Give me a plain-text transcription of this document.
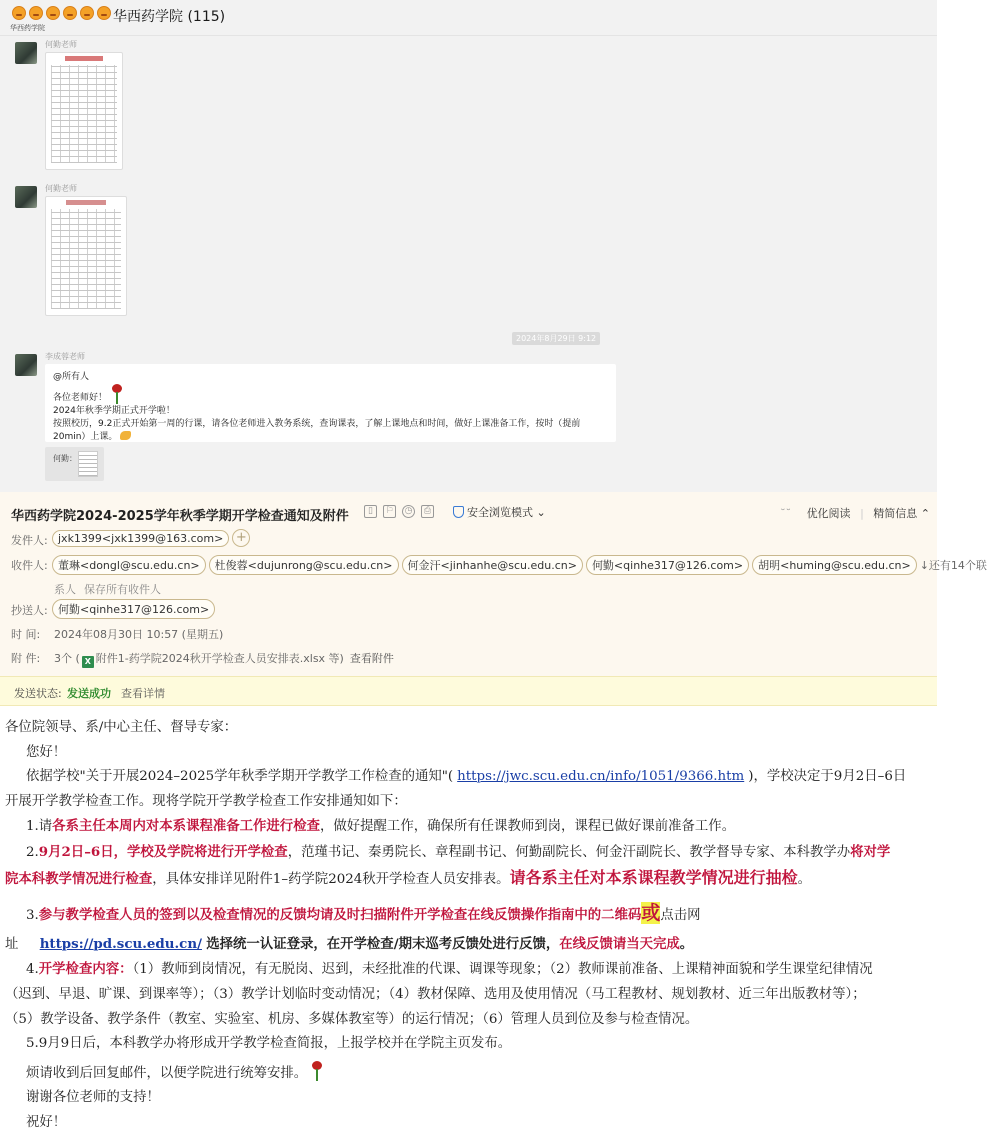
华西药学院 (115)
华西药学院
何勤老师
何勤老师
2024年8月29日 9:12
李成蓉老师

@所有人

各位老师好！

2024年秋季学期正式开学啦！

按照校历，9.2正式开始第一周的行课，请各位老师进入教务系统，查询课表，了解上课地点和时间，做好上课准备工作，按时（提前20min）上课。

何勤：
华西药学院2024-2025学年秋季学期开学检查通知及附件	▯	⚐ ◷	⎙	安全浏览模式 ⌄	˘˘ 优化阅读 | 精简信息 ⌃
发件人: jxk1399<jxk1399@163.com> +
收件人: 董琳<dongl@scu.edu.cn> 杜俊蓉<dujunrong@scu.edu.cn> 何金汗<jinhanhe@scu.edu.cn> 何勤<qinhe317@126.com> 胡明<huming@scu.edu.cn> ↓还有14个联
系人 保存所有收件人
抄送人: 何勤<qinhe317@126.com>
时 间: 2024年08月30日 10:57 (星期五)
附 件: 3个 ( X 附件1-药学院2024秋开学检查人员安排表.xlsx 等) 查看附件
发送状态: 发送成功 查看详情
各位院领导、系/中心主任、督导专家：
您好！
依据学校"关于开展2024–2025学年秋季学期开学教学工作检查的通知"( https://jwc.scu.edu.cn/info/1051/9366.htm )，学校决定于9月2日–6日
开展开学教学检查工作。现将学院开学教学检查工作安排通知如下：
1.请各系主任本周内对本系课程准备工作进行检查，做好提醒工作，确保所有任课教师到岗，课程已做好课前准备工作。
2.9月2日–6日，学校及学院将进行开学检查，范瑾书记、秦勇院长、章程副书记、何勤副院长、何金汗副院长、教学督导专家、本科教学办将对学
院本科教学情况进行检查，具体安排详见附件1–药学院2024秋开学检查人员安排表。请各系主任对本系课程教学情况进行抽检。
3.参与教学检查人员的签到以及检查情况的反馈均请及时扫描附件开学检查在线反馈操作指南中的二维码或点击网
址 https://pd.scu.edu.cn/ 选择统一认证登录，在开学检查/期末巡考反馈处进行反馈，在线反馈请当天完成。
4.开学检查内容：（1）教师到岗情况，有无脱岗、迟到，未经批准的代课、调课等现象；（2）教师课前准备、上课精神面貌和学生课堂纪律情况
（迟到、早退、旷课、到课率等）；（3）教学计划临时变动情况；（4）教材保障、选用及使用情况（马工程教材、规划教材、近三年出版教材等）；
（5）教学设备、教学条件（教室、实验室、机房、多媒体教室等）的运行情况；（6）管理人员到位及参与检查情况。
5.9月9日后，本科教学办将形成开学教学检查简报，上报学校并在学院主页发布。
烦请收到后回复邮件，以便学院进行统筹安排。
谢谢各位老师的支持！
祝好！
